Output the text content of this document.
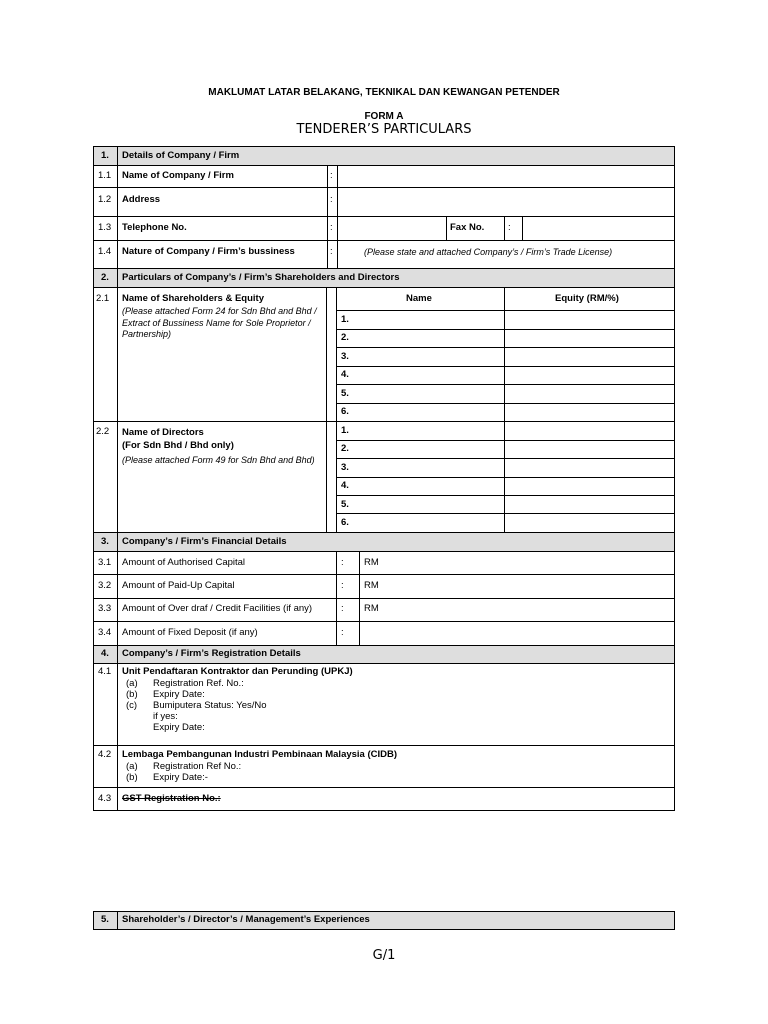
MAKLUMAT LATAR BELAKANG, TEKNIKAL DAN KEWANGAN PETENDER
FORM A
TENDERER’S PARTICULARS
1. Details of Company / Firm
1.1 Name of Company / Firm	:
1.2 Address	:
1.3 Telephone No.	:	Fax No. :
1.4 Nature of Company / Firm’s bussiness	:	(Please state and attached Company’s / Firm’s Trade License)
2. Particulars of Company’s / Firm’s Shareholders and Directors
Name	Equity (RM/%)
2.1 Name of Shareholders & Equity
(Please attached Form 24 for Sdn Bhd and Bhd / Extract of Bussiness Name for Sole Proprietor / Partnership)
1.
2.
3.
4.
5.
6.
2.2 Name of Directors
(For Sdn Bhd / Bhd only)
(Please attached Form 49 for Sdn Bhd and Bhd)
1.
2.
3.
4.
5.
6.
3. Company’s / Firm’s Financial Details
3.1 Amount of Authorised Capital	: RM
3.2 Amount of Paid-Up Capital	: RM
3.3 Amount of Over draf / Credit Facilities (if any)	: RM
3.4 Amount of Fixed Deposit (if any)	:
4. Company’s / Firm’s Registration Details
4.1 Unit Pendaftaran Kontraktor dan Perunding (UPKJ)
(a) Registration Ref. No.:
(b) Expiry Date:
(c) Bumiputera Status: Yes/No
if yes:
Expiry Date:
4.2 Lembaga Pembangunan Industri Pembinaan Malaysia (CIDB)
(a) Registration Ref No.:
(b) Expiry Date:-
4.3 GST Registration No.:
5. Shareholder’s / Director’s / Management’s Experiences
G/1
